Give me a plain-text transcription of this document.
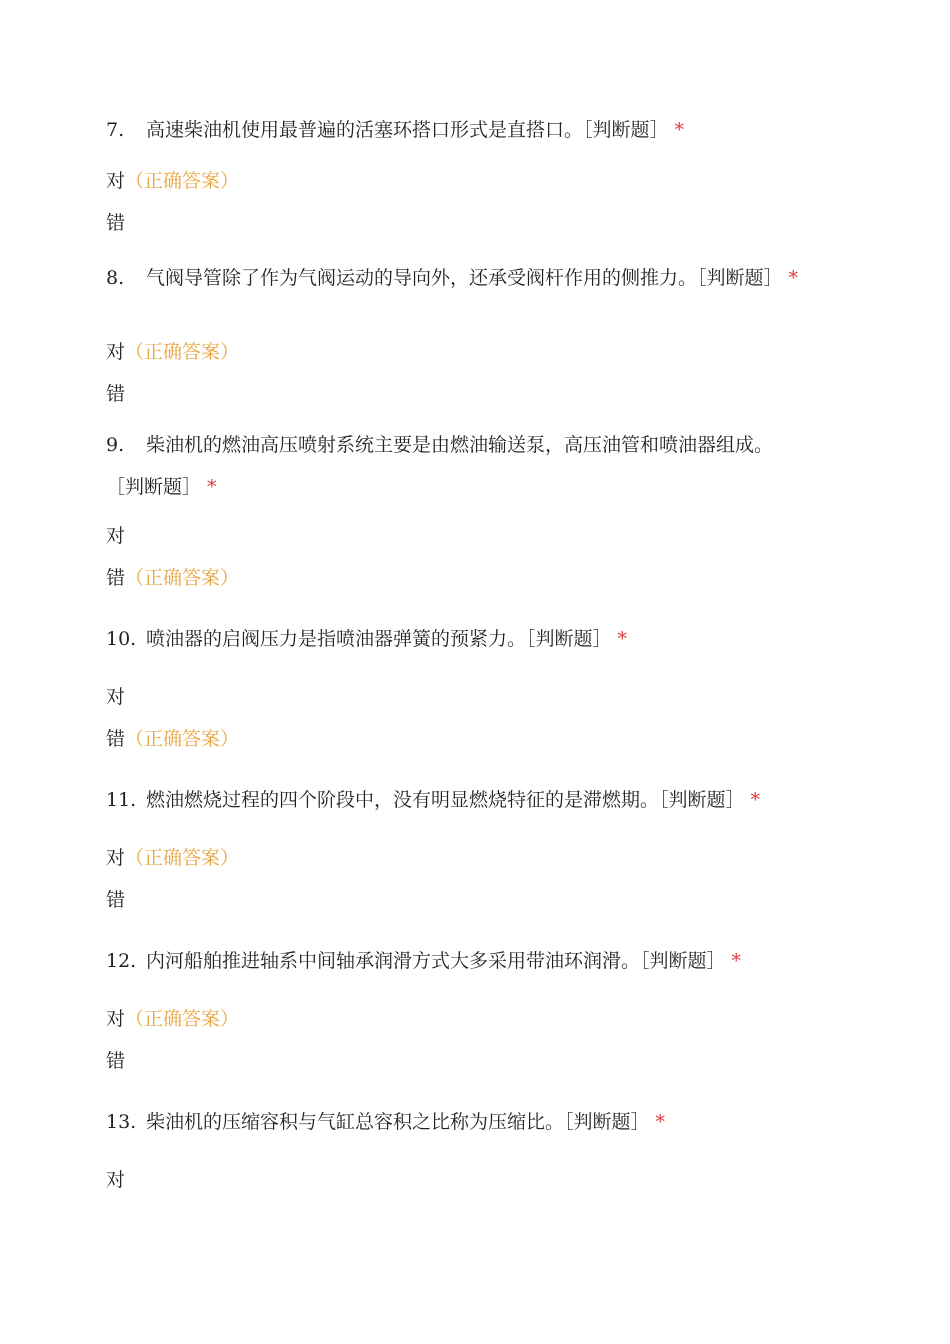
7.	高速柴油机使用最普遍的活塞环搭口形式是直搭口。［判断题］ *
对（正确答案）
错
8.	气阀导管除了作为气阀运动的导向外，还承受阀杆作用的侧推力。［判断题］ *
对（正确答案）
错
9.	柴油机的燃油高压喷射系统主要是由燃油输送泵，高压油管和喷油器组成。
［判断题］ *
对
错（正确答案）
10. 喷油器的启阀压力是指喷油器弹簧的预紧力。［判断题］ *
对
错（正确答案）
11. 燃油燃烧过程的四个阶段中，没有明显燃烧特征的是滞燃期。［判断题］ *
对（正确答案）
错
12. 内河船舶推进轴系中间轴承润滑方式大多采用带油环润滑。［判断题］ *
对（正确答案）
错
13. 柴油机的压缩容积与气缸总容积之比称为压缩比。［判断题］ *
对
